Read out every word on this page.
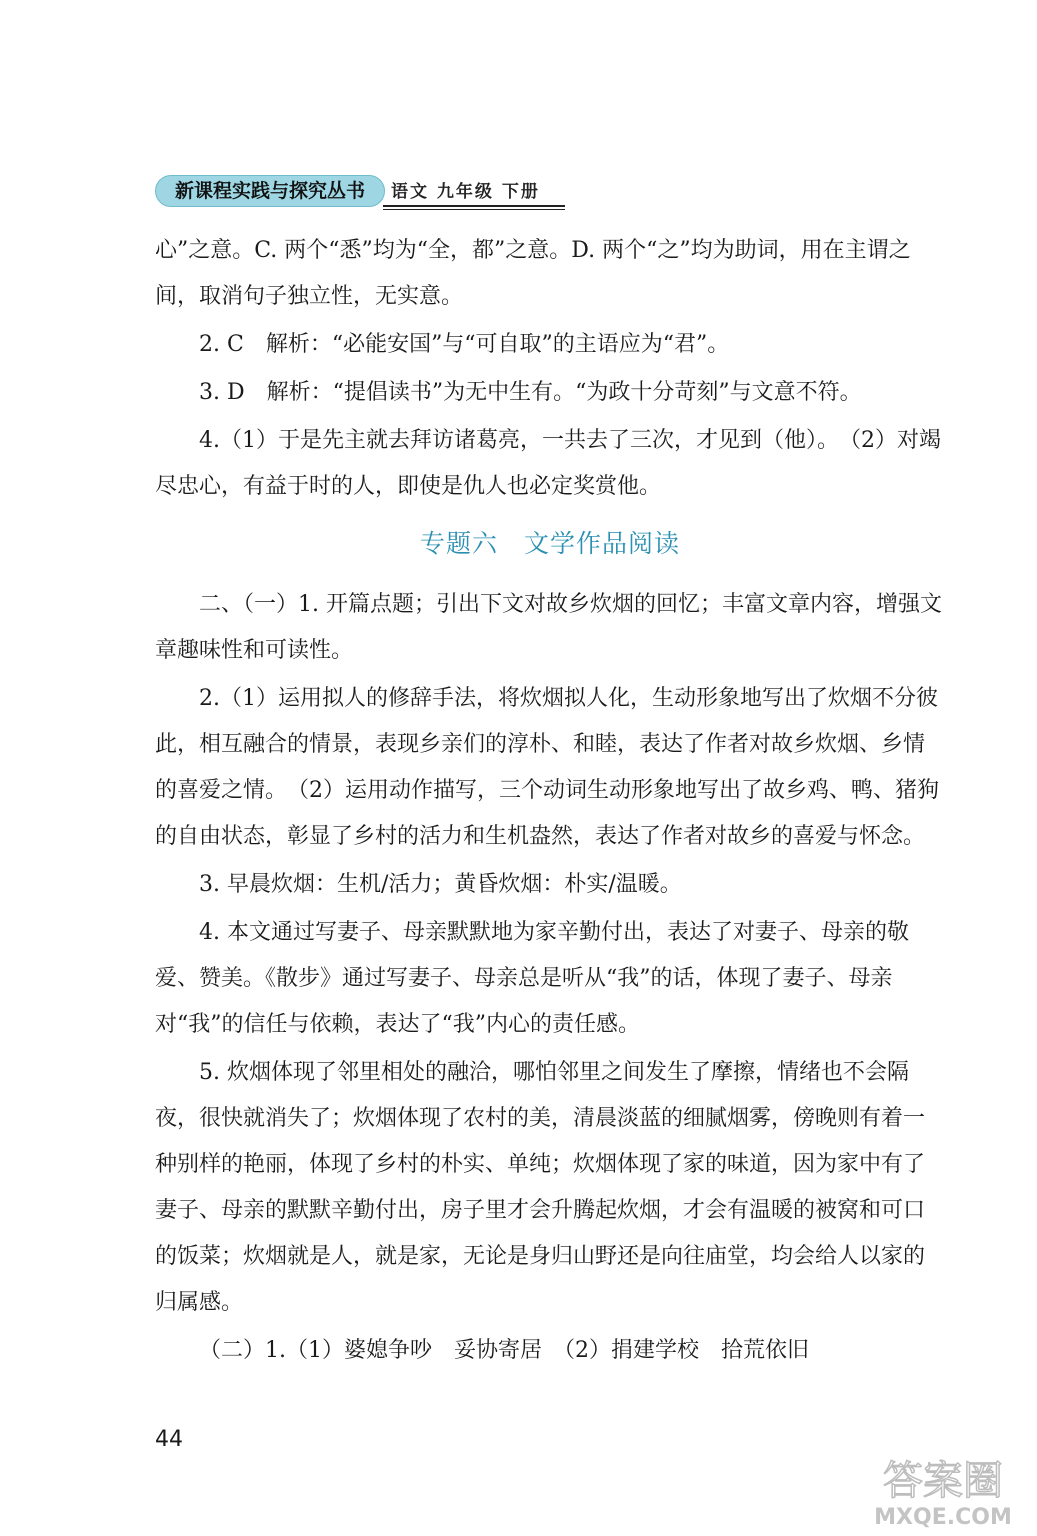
新课程实践与探究丛书	语文 九年级 下册

心”之意。C. 两个“悉”均为“全，都”之意。D. 两个“之”均为助词，用在主谓之间，取消句子独立性，无实意。

2. C　解析：“必能安国”与“可自取”的主语应为“君”。

3. D　解析：“提倡读书”为无中生有。“为政十分苛刻”与文意不符。

4.（1）于是先主就去拜访诸葛亮，一共去了三次，才见到（他）。　（2）对竭尽忠心，有益于时的人，即使是仇人也必定奖赏他。

专题六　文学作品阅读

二、（一）1. 开篇点题；引出下文对故乡炊烟的回忆；丰富文章内容，增强文章趣味性和可读性。

2.（1）运用拟人的修辞手法，将炊烟拟人化，生动形象地写出了炊烟不分彼此，相互融合的情景，表现乡亲们的淳朴、和睦，表达了作者对故乡炊烟、乡情的喜爱之情。　（2）运用动作描写，三个动词生动形象地写出了故乡鸡、鸭、猪狗的自由状态，彰显了乡村的活力和生机盎然，表达了作者对故乡的喜爱与怀念。

3. 早晨炊烟：生机/活力；黄昏炊烟：朴实/温暖。

4. 本文通过写妻子、母亲默默地为家辛勤付出，表达了对妻子、母亲的敬爱、赞美。《散步》通过写妻子、母亲总是听从“我”的话，体现了妻子、母亲对“我”的信任与依赖，表达了“我”内心的责任感。

5. 炊烟体现了邻里相处的融洽，哪怕邻里之间发生了摩擦，情绪也不会隔夜，很快就消失了；炊烟体现了农村的美，清晨淡蓝的细腻烟雾，傍晚则有着一种别样的艳丽，体现了乡村的朴实、单纯；炊烟体现了家的味道，因为家中有了妻子、母亲的默默辛勤付出，房子里才会升腾起炊烟，才会有温暖的被窝和可口的饭菜；炊烟就是人，就是家，无论是身归山野还是向往庙堂，均会给人以家的归属感。

（二）1.（1）婆媳争吵　妥协寄居　（2）捐建学校　拾荒依旧

44
答案圈
MXQE.COM
